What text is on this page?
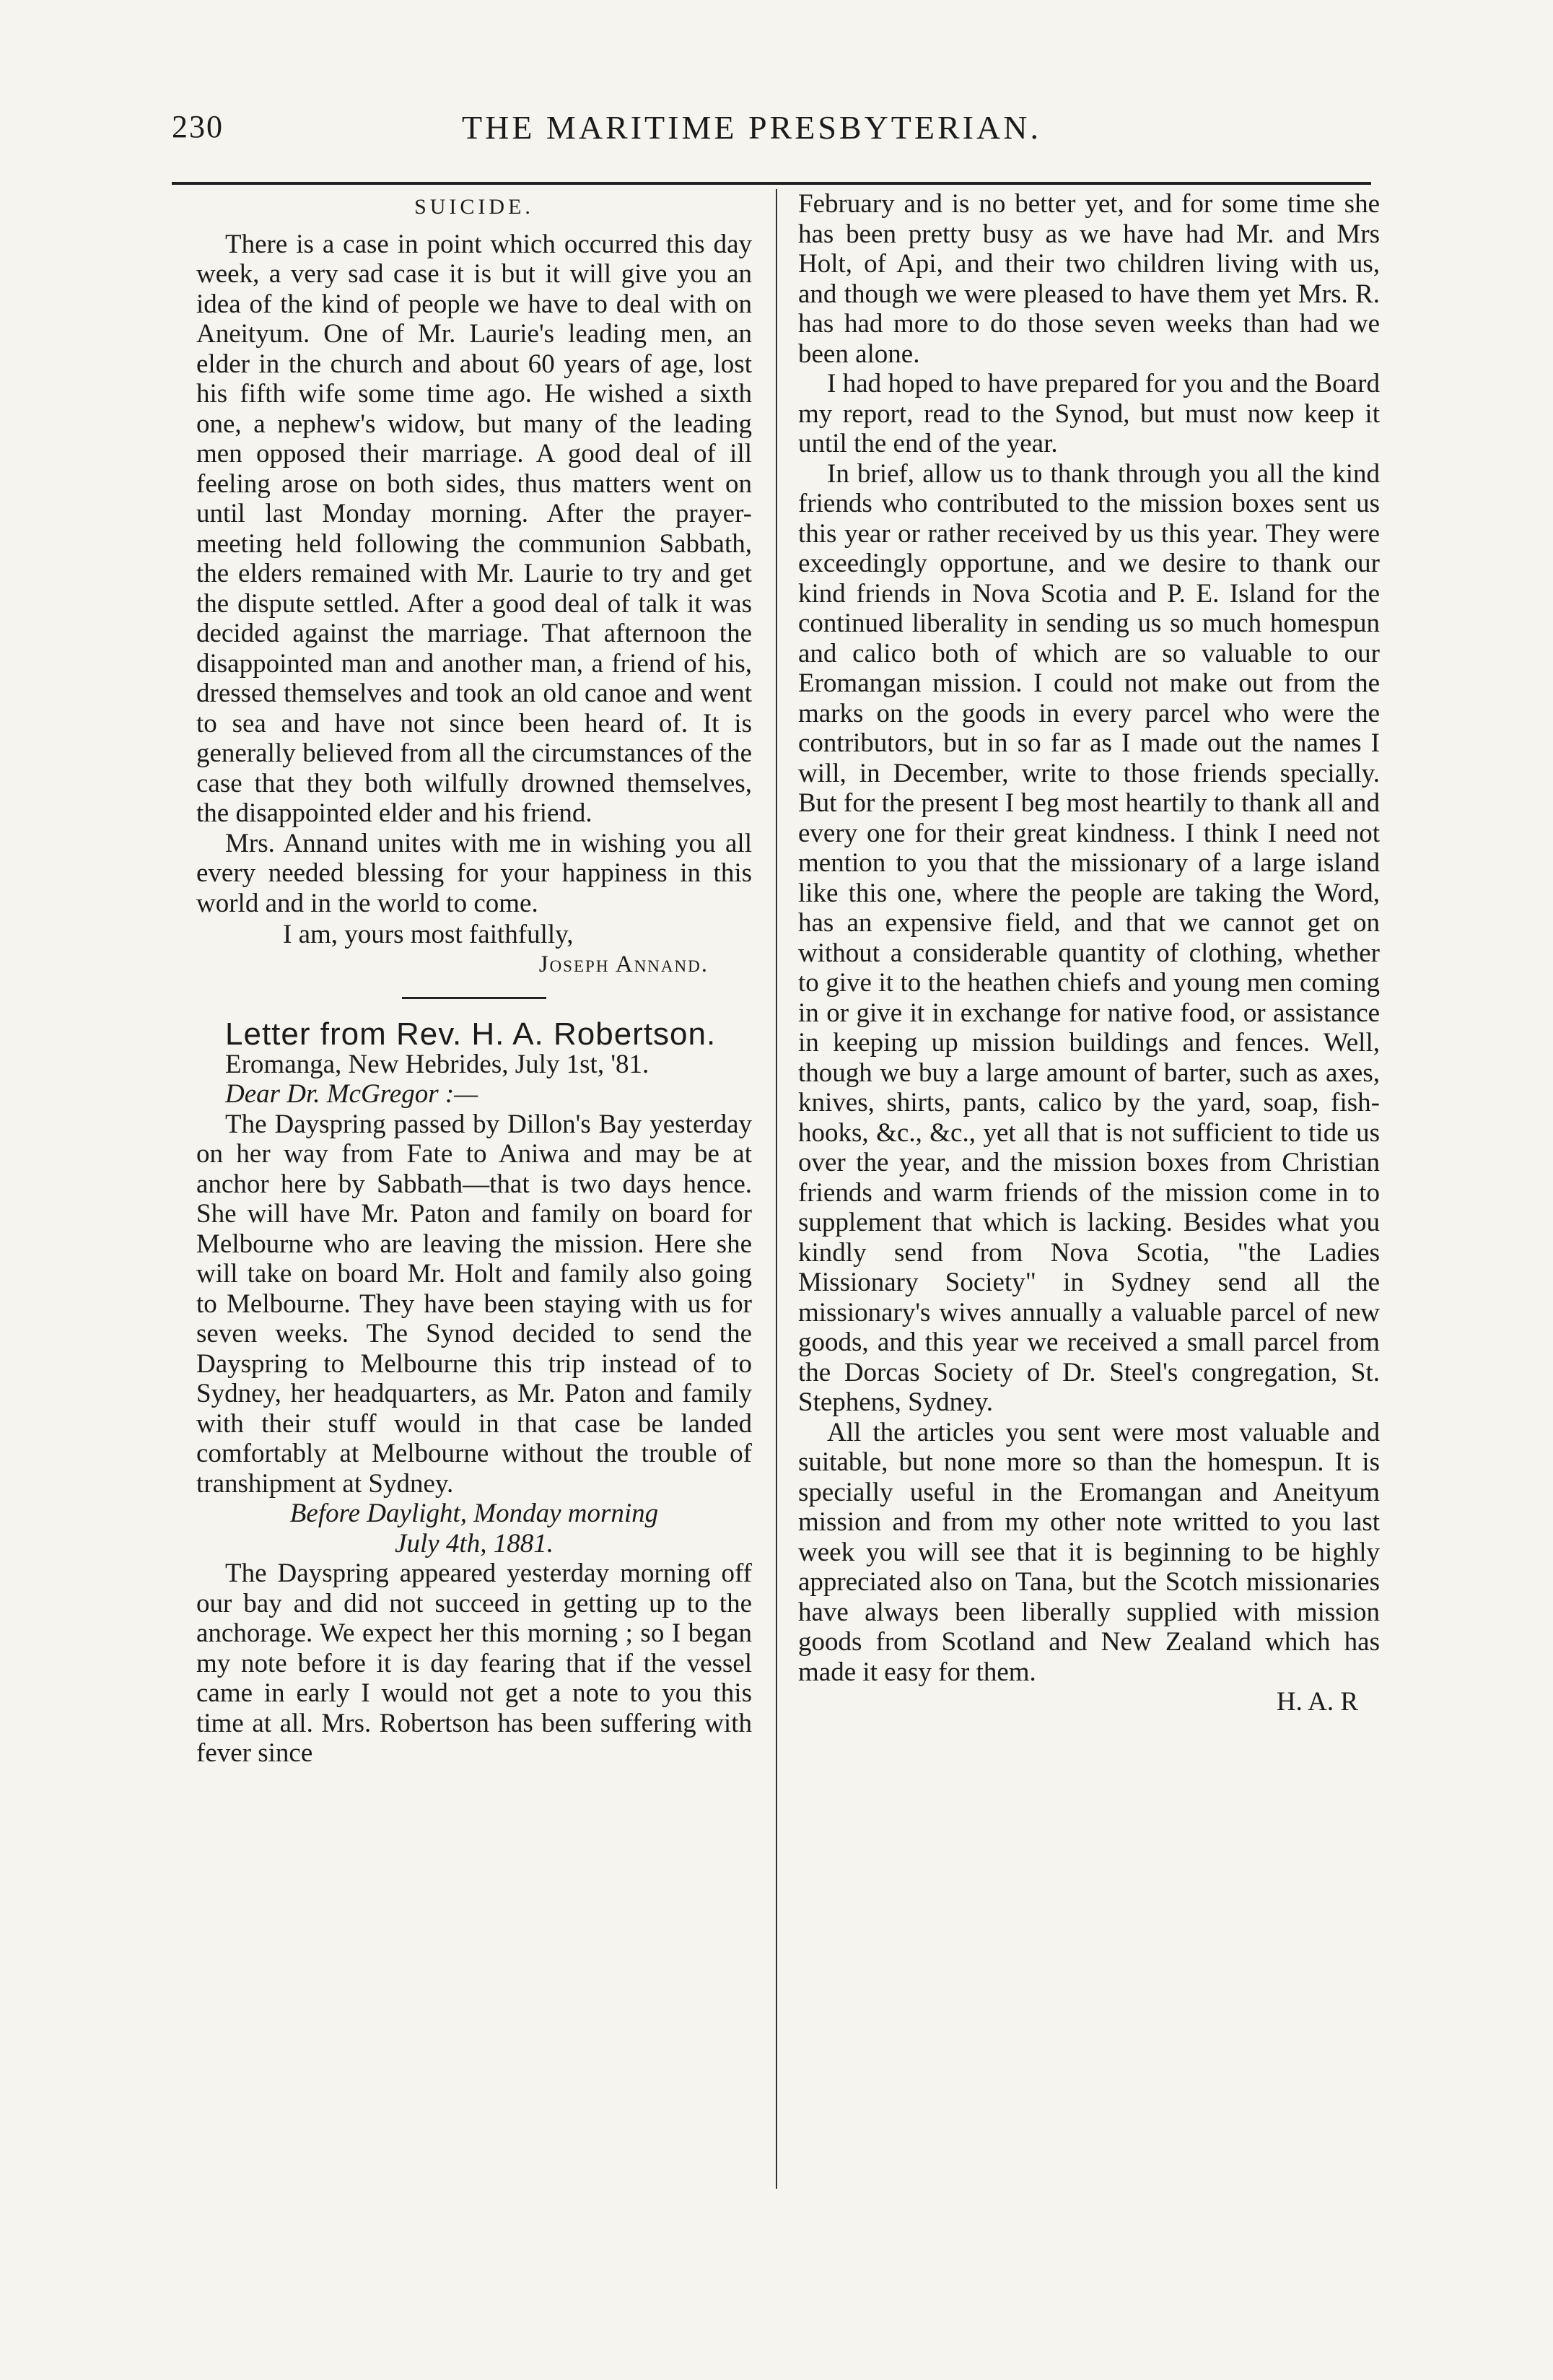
230	THE MARITIME PRESBYTERIAN.
SUICIDE.

There is a case in point which occurred this day week, a very sad case it is but it will give you an idea of the kind of people we have to deal with on Aneityum. One of Mr. Laurie's leading men, an elder in the church and about 60 years of age, lost his fifth wife some time ago. He wished a sixth one, a nephew's widow, but many of the leading men opposed their marriage. A good deal of ill feeling arose on both sides, thus matters went on until last Monday morning. After the prayer-meeting held following the communion Sabbath, the elders remained with Mr. Laurie to try and get the dispute settled. After a good deal of talk it was decided against the marriage. That afternoon the disappointed man and another man, a friend of his, dressed themselves and took an old canoe and went to sea and have not since been heard of. It is generally believed from all the circumstances of the case that they both wilfully drowned themselves, the disappointed elder and his friend.

Mrs. Annand unites with me in wishing you all every needed blessing for your happiness in this world and in the world to come.

I am, yours most faithfully,

Joseph Annand.

Letter from Rev. H. A. Robertson.

Eromanga, New Hebrides, July 1st, '81.

Dear Dr. McGregor :—

The Dayspring passed by Dillon's Bay yesterday on her way from Fate to Aniwa and may be at anchor here by Sabbath—that is two days hence. She will have Mr. Paton and family on board for Melbourne who are leaving the mission. Here she will take on board Mr. Holt and family also going to Melbourne. They have been staying with us for seven weeks. The Synod decided to send the Dayspring to Melbourne this trip instead of to Sydney, her headquarters, as Mr. Paton and family with their stuff would in that case be landed comfortably at Melbourne without the trouble of transhipment at Sydney.

Before Daylight, Monday morning

July 4th, 1881.

The Dayspring appeared yesterday morning off our bay and did not succeed in getting up to the anchorage. We expect her this morning ; so I began my note before it is day fearing that if the vessel came in early I would not get a note to you this time at all. Mrs. Robertson has been suffering with fever since

February and is no better yet, and for some time she has been pretty busy as we have had Mr. and Mrs Holt, of Api, and their two children living with us, and though we were pleased to have them yet Mrs. R. has had more to do those seven weeks than had we been alone.

I had hoped to have prepared for you and the Board my report, read to the Synod, but must now keep it until the end of the year.

In brief, allow us to thank through you all the kind friends who contributed to the mission boxes sent us this year or rather received by us this year. They were exceedingly opportune, and we desire to thank our kind friends in Nova Scotia and P. E. Island for the continued liberality in sending us so much homespun and calico both of which are so valuable to our Eromangan mission. I could not make out from the marks on the goods in every parcel who were the contributors, but in so far as I made out the names I will, in December, write to those friends specially. But for the present I beg most heartily to thank all and every one for their great kindness. I think I need not mention to you that the missionary of a large island like this one, where the people are taking the Word, has an expensive field, and that we cannot get on without a considerable quantity of clothing, whether to give it to the heathen chiefs and young men coming in or give it in exchange for native food, or assistance in keeping up mission buildings and fences. Well, though we buy a large amount of barter, such as axes, knives, shirts, pants, calico by the yard, soap, fish-hooks, &c., &c., yet all that is not sufficient to tide us over the year, and the mission boxes from Christian friends and warm friends of the mission come in to supplement that which is lacking. Besides what you kindly send from Nova Scotia, "the Ladies Missionary Society" in Sydney send all the missionary's wives annually a valuable parcel of new goods, and this year we received a small parcel from the Dorcas Society of Dr. Steel's congregation, St. Stephens, Sydney.

All the articles you sent were most valuable and suitable, but none more so than the homespun. It is specially useful in the Eromangan and Aneityum mission and from my other note writted to you last week you will see that it is beginning to be highly appreciated also on Tana, but the Scotch missionaries have always been liberally supplied with mission goods from Scotland and New Zealand which has made it easy for them.

H. A. R
